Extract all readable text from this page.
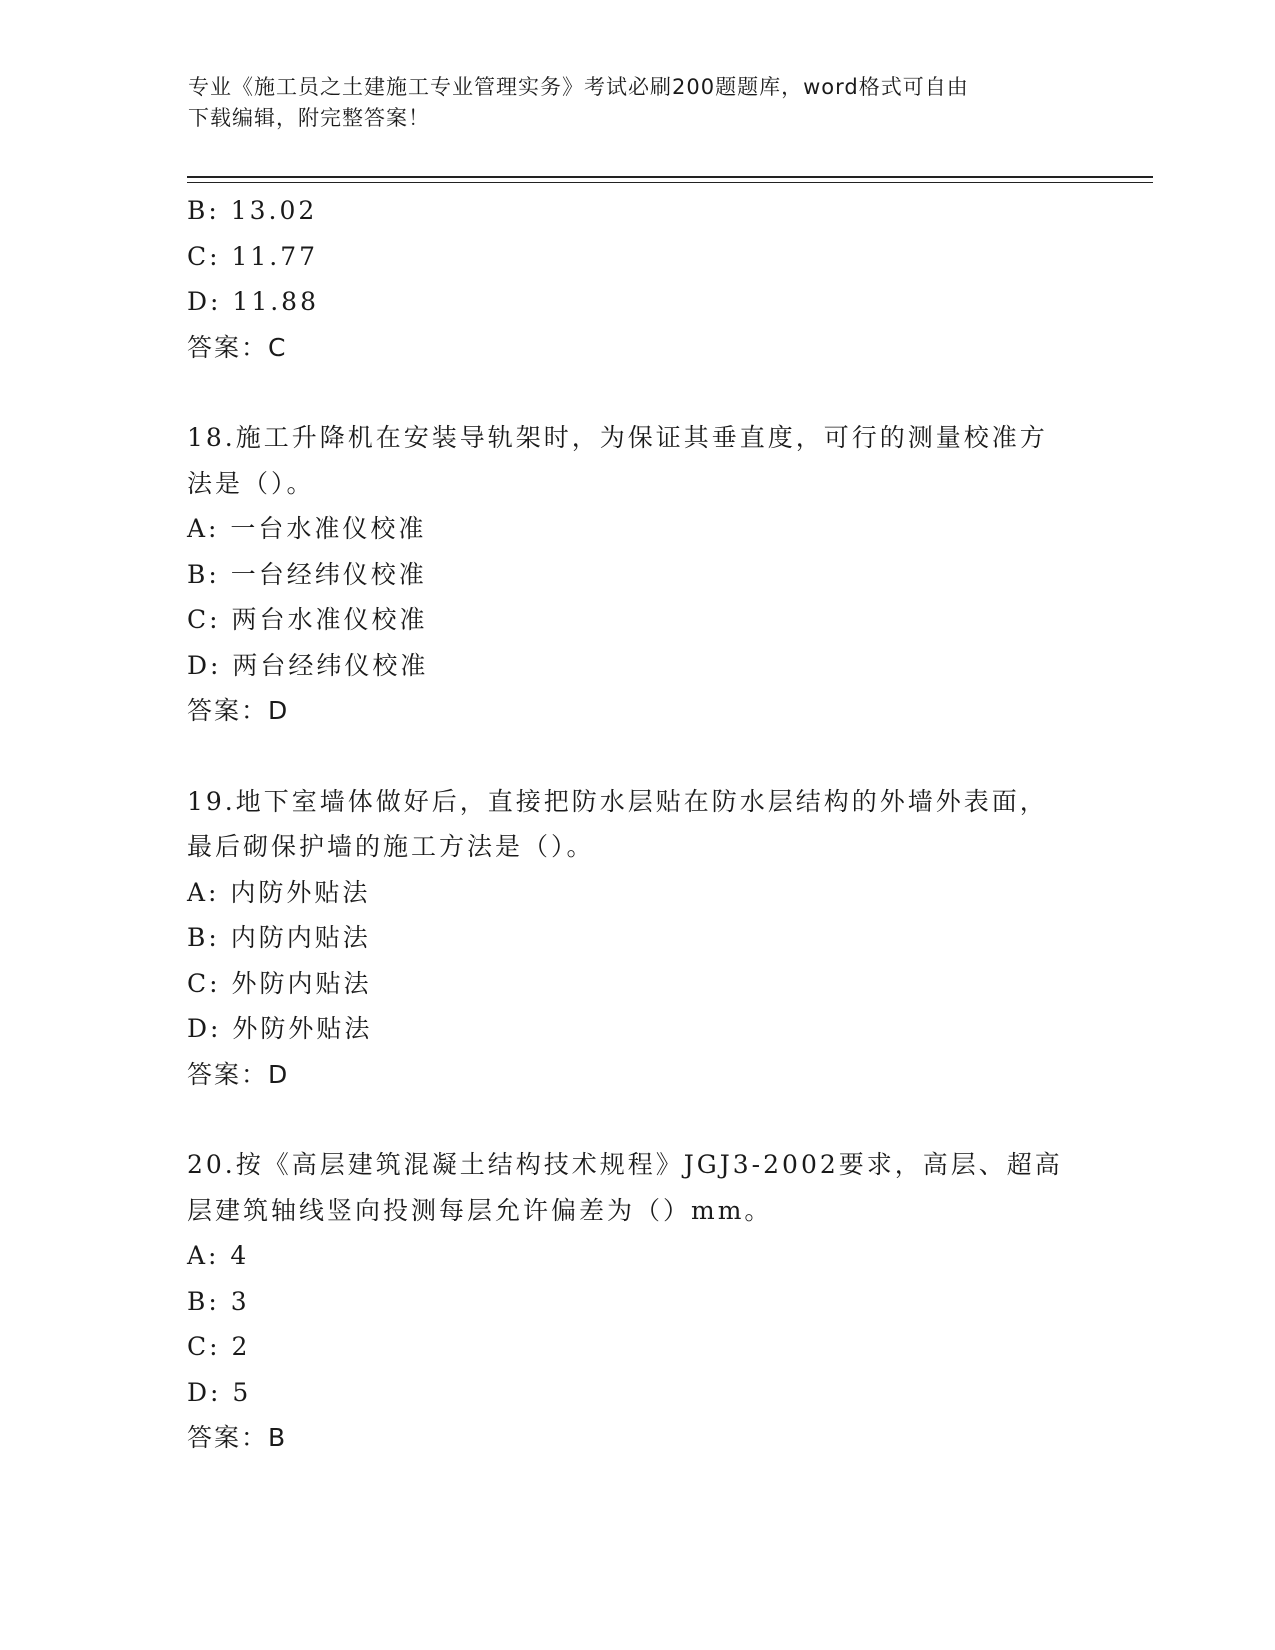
专业《施工员之土建施工专业管理实务》考试必刷200题题库，word格式可自由
下载编辑，附完整答案！
B: 13.02
C: 11.77
D: 11.88
答案：C
18.施工升降机在安装导轨架时，为保证其垂直度，可行的测量校准方
法是（）。
A: 一台水准仪校准
B: 一台经纬仪校准
C: 两台水准仪校准
D: 两台经纬仪校准
答案：D
19.地下室墙体做好后，直接把防水层贴在防水层结构的外墙外表面，
最后砌保护墙的施工方法是（）。
A: 内防外贴法
B: 内防内贴法
C: 外防内贴法
D: 外防外贴法
答案：D
20.按《高层建筑混凝土结构技术规程》JGJ3-2002要求，高层、超高
层建筑轴线竖向投测每层允许偏差为（）mm。
A: 4
B: 3
C: 2
D: 5
答案：B
